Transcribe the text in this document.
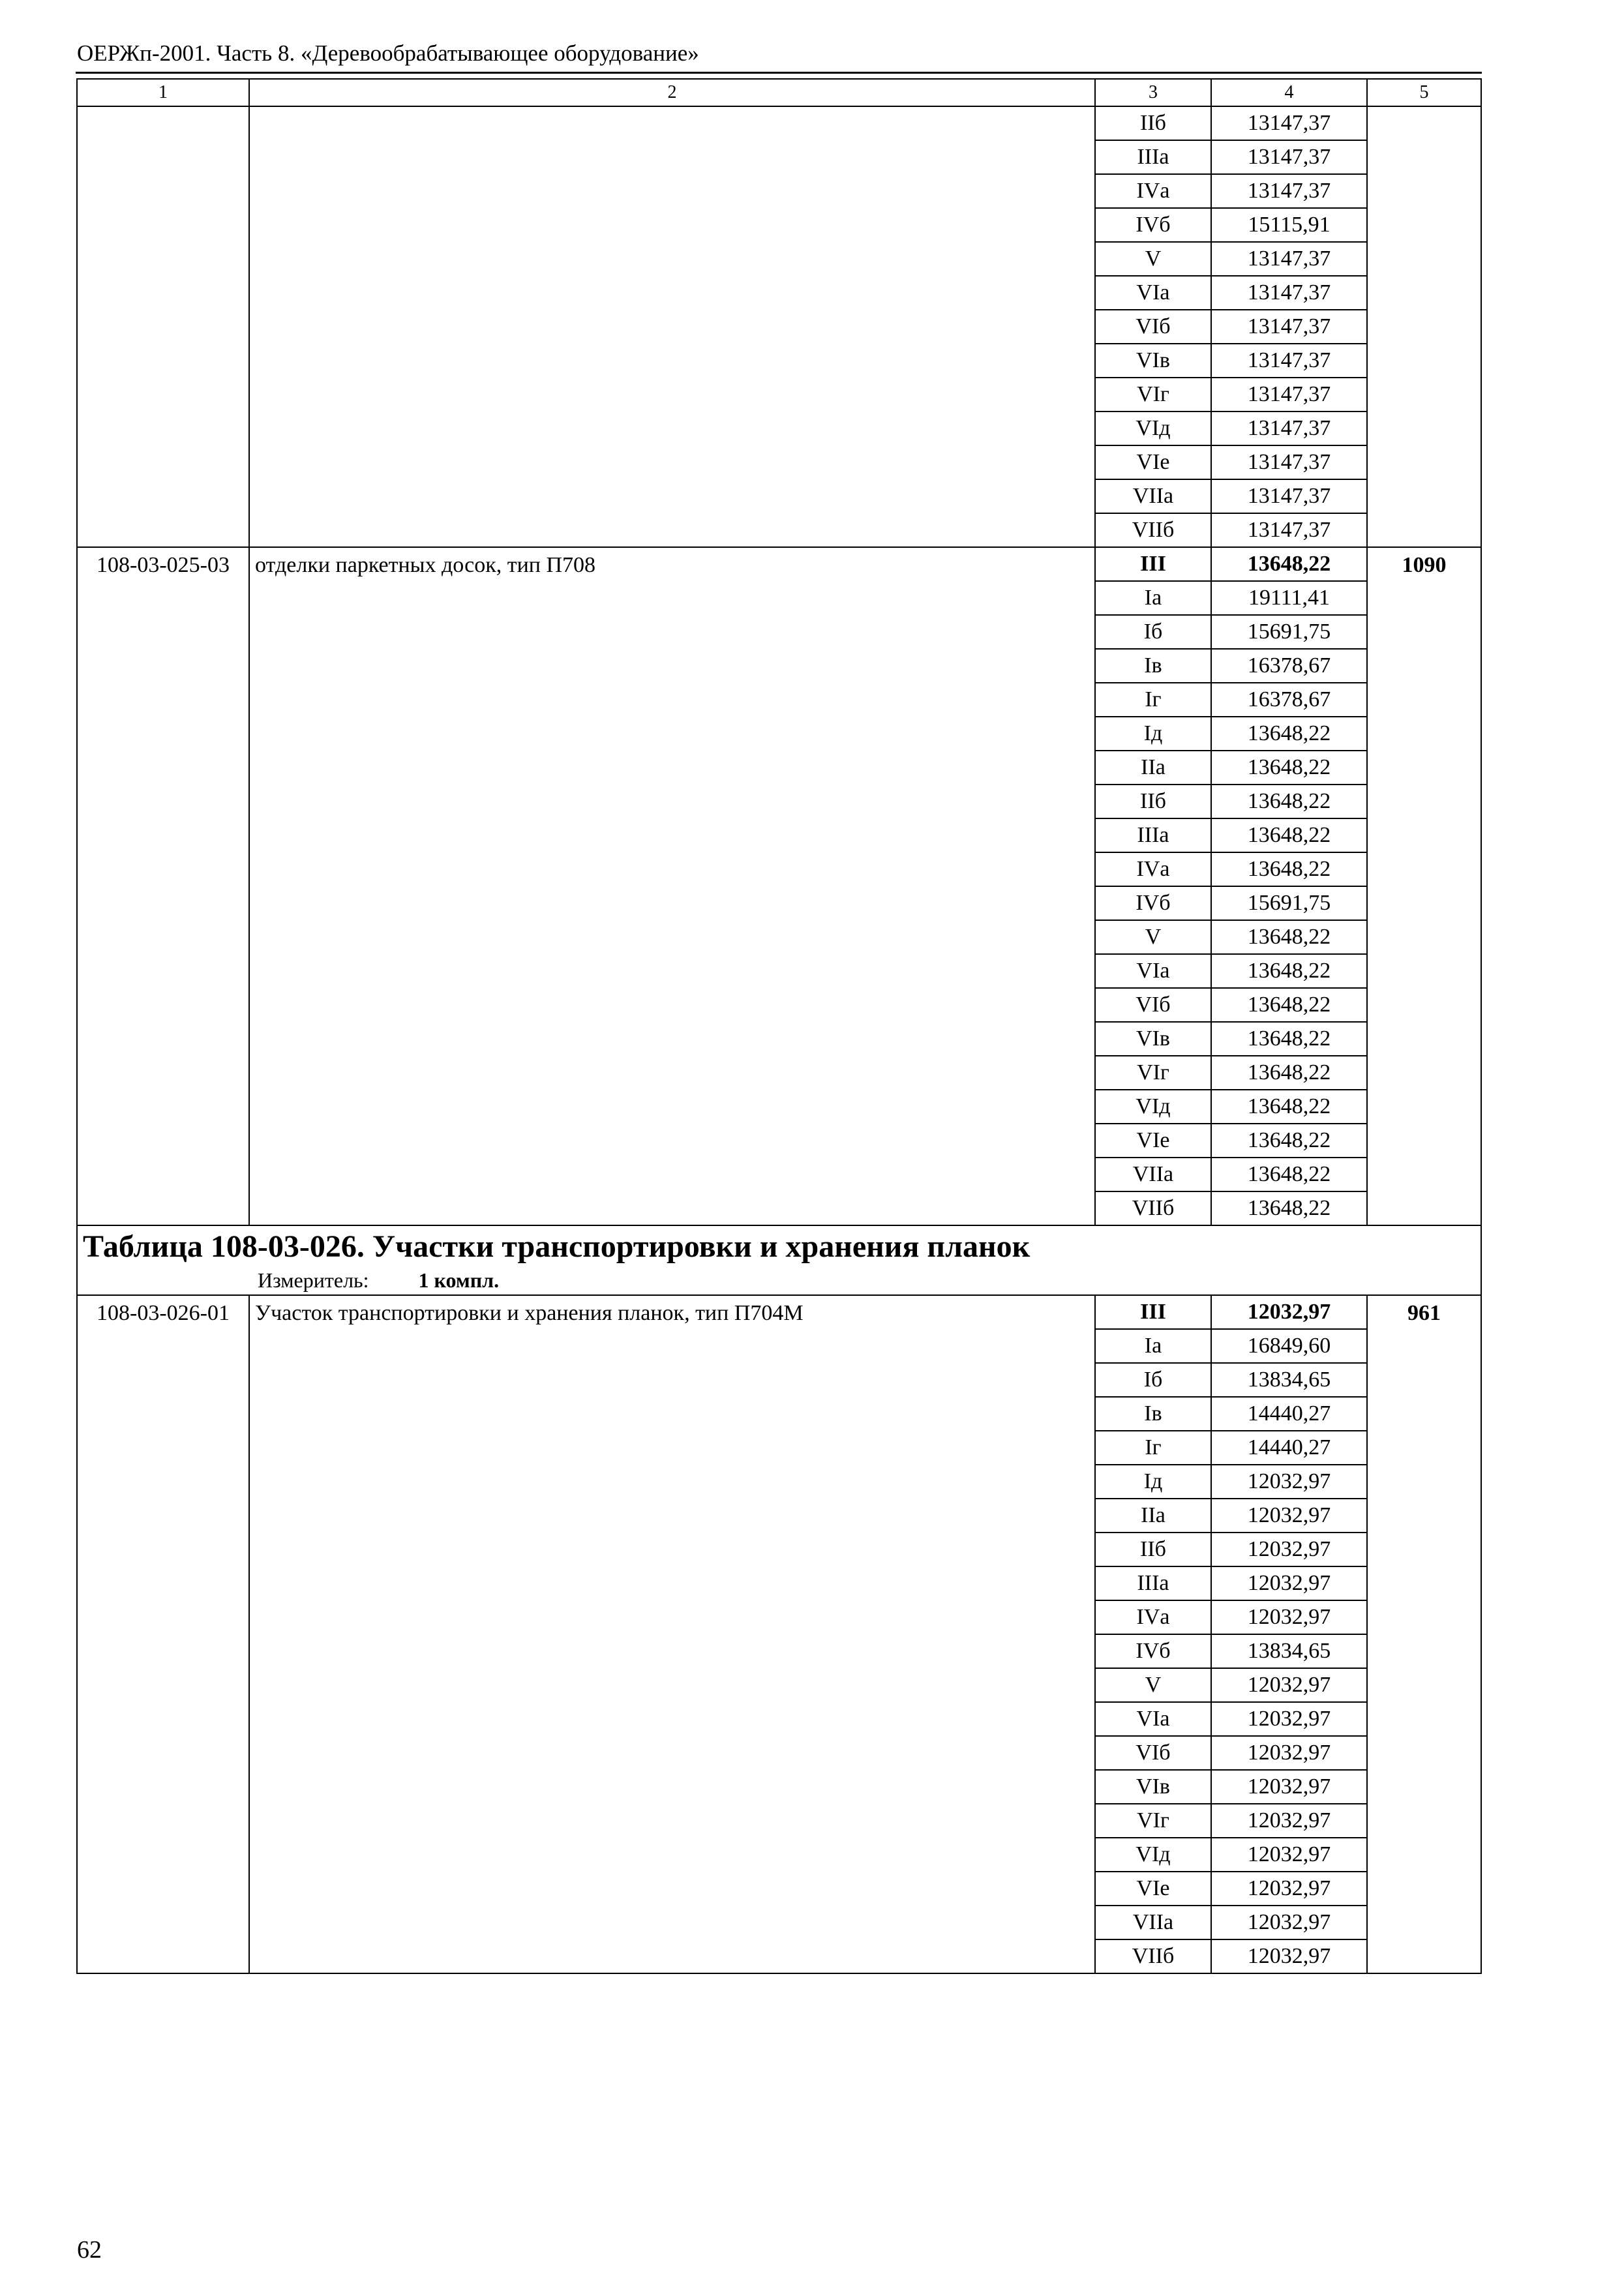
ОЕРЖп-2001. Часть 8. «Деревообрабатывающее оборудование»
1	2	3	4	5
		IIб	13147,37	
		IIIа	13147,37	
		IVа	13147,37	
		IVб	15115,91	
		V	13147,37	
		VIа	13147,37	
		VIб	13147,37	
		VIв	13147,37	
		VIг	13147,37	
		VIд	13147,37	
		VIе	13147,37	
		VIIа	13147,37	
		VIIб	13147,37	
108-03-025-03	отделки паркетных досок, тип П708	III	13648,22	1090
		Iа	19111,41	
		Iб	15691,75	
		Iв	16378,67	
		Iг	16378,67	
		Iд	13648,22	
		IIа	13648,22	
		IIб	13648,22	
		IIIа	13648,22	
		IVа	13648,22	
		IVб	15691,75	
		V	13648,22	
		VIа	13648,22	
		VIб	13648,22	
		VIв	13648,22	
		VIг	13648,22	
		VIд	13648,22	
		VIе	13648,22	
		VIIа	13648,22	
		VIIб	13648,22	

Таблица 108-03-026. Участки транспортировки и хранения планок
Измеритель: 1 компл.				

108-03-026-01	Участок транспортировки и хранения планок, тип П704М	III	12032,97	961
		Iа	16849,60	
		Iб	13834,65	
		Iв	14440,27	
		Iг	14440,27	
		Iд	12032,97	
		IIа	12032,97	
		IIб	12032,97	
		IIIа	12032,97	
		IVа	12032,97	
		IVб	13834,65	
		V	12032,97	
		VIа	12032,97	
		VIб	12032,97	
		VIв	12032,97	
		VIг	12032,97	
		VIд	12032,97	
		VIе	12032,97	
		VIIа	12032,97	
		VIIб	12032,97	
62
